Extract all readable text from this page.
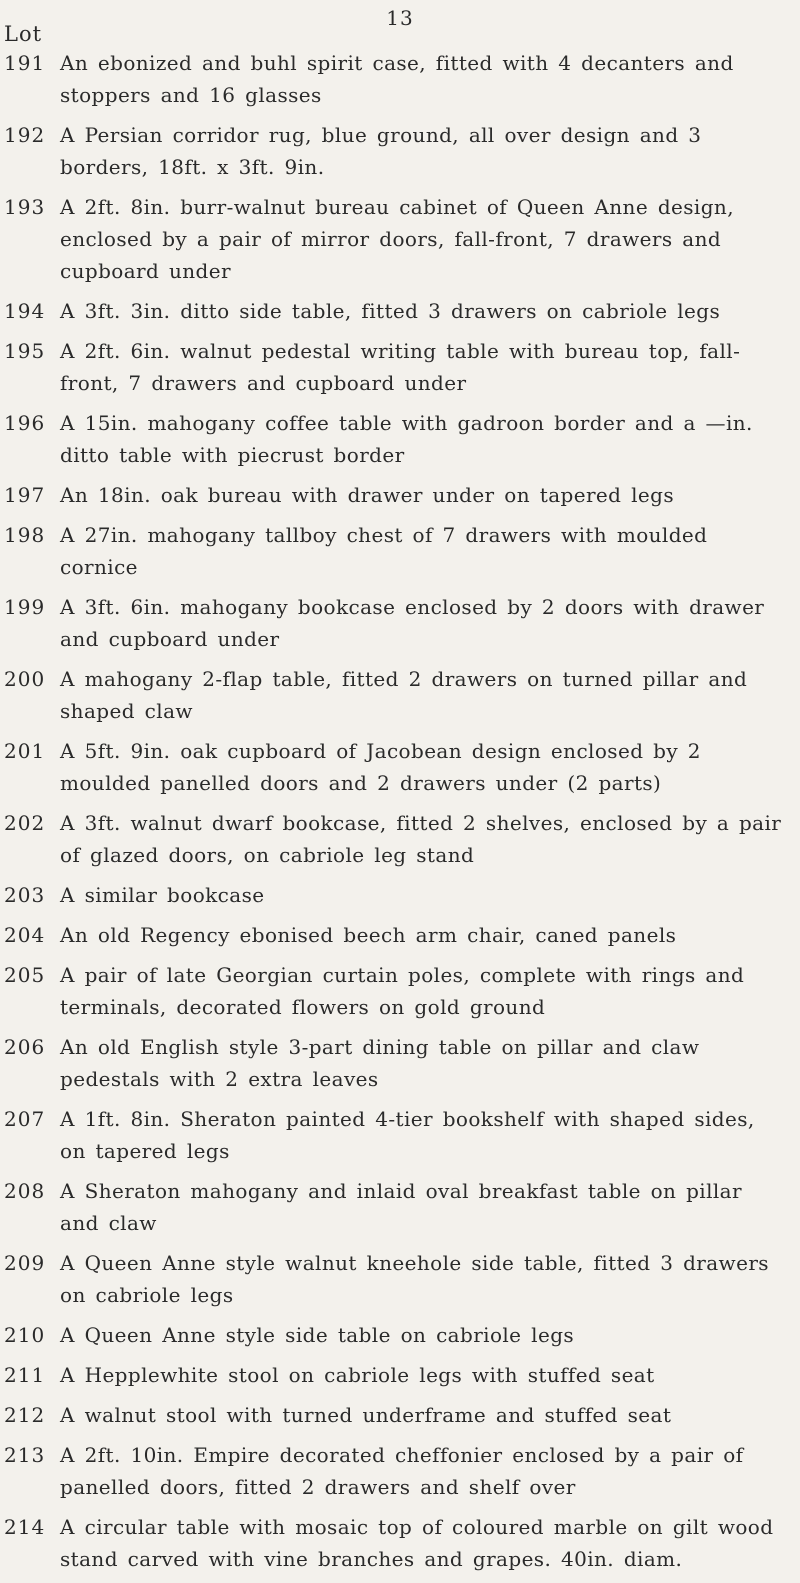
13
Lot
191 An ebonized and buhl spirit case, fitted with 4 decanters and stoppers and 16 glasses
192 A Persian corridor rug, blue ground, all over design and 3 borders, 18ft. x 3ft. 9in.
193 A 2ft. 8in. burr-walnut bureau cabinet of Queen Anne design, enclosed by a pair of mirror doors, fall-front, 7 drawers and cupboard under
194 A 3ft. 3in. ditto side table, fitted 3 drawers on cabriole legs
195 A 2ft. 6in. walnut pedestal writing table with bureau top, fall-front, 7 drawers and cupboard under
196 A 15in. mahogany coffee table with gadroon border and a —in. ditto table with piecrust border
197 An 18in. oak bureau with drawer under on tapered legs
198 A 27in. mahogany tallboy chest of 7 drawers with moulded cornice
199 A 3ft. 6in. mahogany bookcase enclosed by 2 doors with drawer and cupboard under
200 A mahogany 2-flap table, fitted 2 drawers on turned pillar and shaped claw
201 A 5ft. 9in. oak cupboard of Jacobean design enclosed by 2 moulded panelled doors and 2 drawers under (2 parts)
202 A 3ft. walnut dwarf bookcase, fitted 2 shelves, enclosed by a pair of glazed doors, on cabriole leg stand
203 A similar bookcase
204 An old Regency ebonised beech arm chair, caned panels
205 A pair of late Georgian curtain poles, complete with rings and terminals, decorated flowers on gold ground
206 An old English style 3-part dining table on pillar and claw pedestals with 2 extra leaves
207 A 1ft. 8in. Sheraton painted 4-tier bookshelf with shaped sides, on tapered legs
208 A Sheraton mahogany and inlaid oval breakfast table on pillar and claw
209 A Queen Anne style walnut kneehole side table, fitted 3 drawers on cabriole legs
210 A Queen Anne style side table on cabriole legs
211 A Hepplewhite stool on cabriole legs with stuffed seat
212 A walnut stool with turned underframe and stuffed seat
213 A 2ft. 10in. Empire decorated cheffonier enclosed by a pair of panelled doors, fitted 2 drawers and shelf over
214 A circular table with mosaic top of coloured marble on gilt wood stand carved with vine branches and grapes. 40in. diam.
